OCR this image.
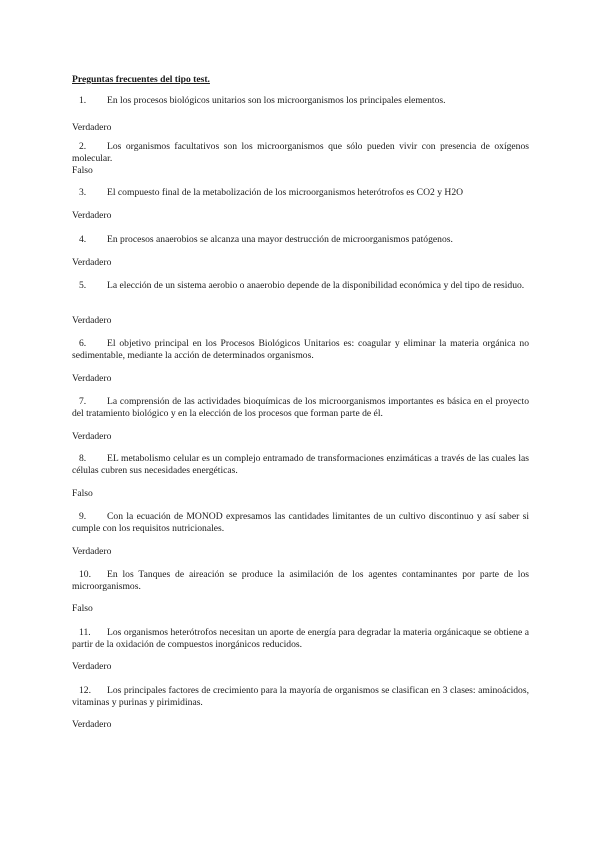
Preguntas frecuentes del tipo test.
1. En los procesos biológicos unitarios son los microorganismos los principales elementos.
Verdadero
2. Los organismos facultativos son los microorganismos que sólo pueden vivir con presencia de oxígenos molecular.
Falso
3. El compuesto final de la metabolización de los microorganismos heterótrofos es CO2 y H2O
Verdadero
4. En procesos anaerobios se alcanza una mayor destrucción de microorganismos patógenos.
Verdadero
5. La elección de un sistema aerobio o anaerobio depende de la disponibilidad económica y del tipo de residuo.
Verdadero
6. El objetivo principal en los Procesos Biológicos Unitarios es: coagular y eliminar la materia orgánica no sedimentable, mediante la acción de determinados organismos.
Verdadero
7. La comprensión de las actividades bioquímicas de los microorganismos importantes es básica en el proyecto del tratamiento biológico y en la elección de los procesos que forman parte de él.
Verdadero
8. EL metabolismo celular es un complejo entramado de transformaciones enzimáticas a través de las cuales las células cubren sus necesidades energéticas.
Falso
9. Con la ecuación de MONOD expresamos las cantidades limitantes de un cultivo discontinuo y así saber si cumple con los requisitos nutricionales.
Verdadero
10. En los Tanques de aireación se produce la asimilación de los agentes contaminantes por parte de los microorganismos.
Falso
11. Los organismos heterótrofos necesitan un aporte de energía para degradar la materia orgánicaque se obtiene a partir de la oxidación de compuestos inorgánicos reducidos.
Verdadero
12. Los principales factores de crecimiento para la mayoría de organismos se clasifican en 3 clases: aminoácidos, vitaminas y purinas y pirimidinas.
Verdadero
